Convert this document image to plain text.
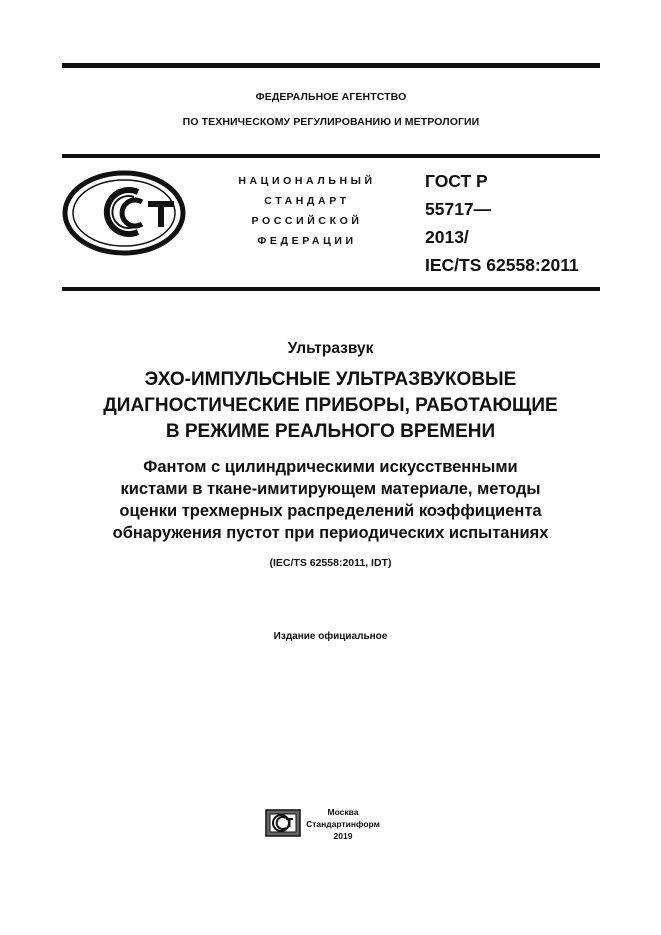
ФЕДЕРАЛЬНОЕ АГЕНТСТВО
ПО ТЕХНИЧЕСКОМУ РЕГУЛИРОВАНИЮ И МЕТРОЛОГИИ
НАЦИОНАЛЬНЫЙ
СТАНДАРТ
РОССИЙСКОЙ
ФЕДЕРАЦИИ
ГОСТ Р
55717—
2013/
IEC/TS 62558:2011
Ультразвук
ЭХО-ИМПУЛЬСНЫЕ УЛЬТРАЗВУКОВЫЕ
ДИАГНОСТИЧЕСКИЕ ПРИБОРЫ, РАБОТАЮЩИЕ
В РЕЖИМЕ РЕАЛЬНОГО ВРЕМЕНИ
Фантом с цилиндрическими искусственными
кистами в ткане-имитирующем материале, методы
оценки трехмерных распределений коэффициента
обнаружения пустот при периодических испытаниях
(IEC/TS 62558:2011, IDT)
Издание официальное
Москва
Стандартинформ
2019
